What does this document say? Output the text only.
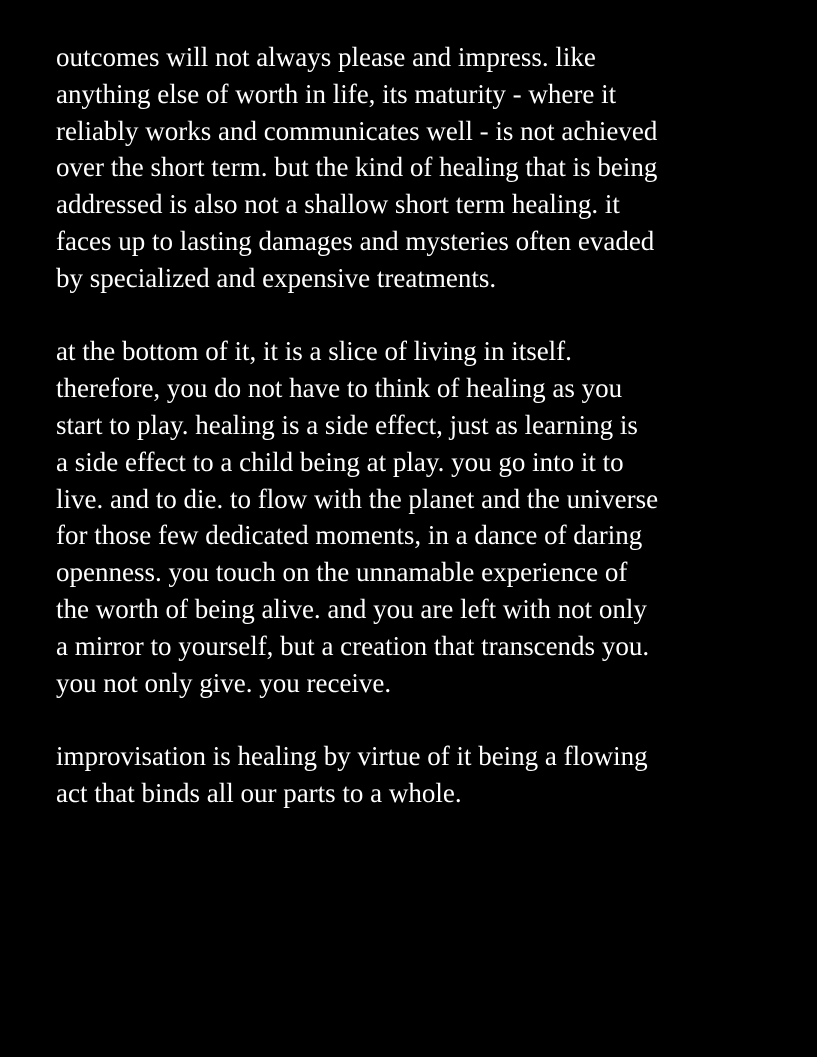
outcomes will not always please and impress. like
anything else of worth in life, its maturity - where it
reliably works and communicates well - is not achieved
over the short term. but the kind of healing that is being
addressed is also not a shallow short term healing. it
faces up to lasting damages and mysteries often evaded
by specialized and expensive treatments.

at the bottom of it, it is a slice of living in itself.
therefore, you do not have to think of healing as you
start to play. healing is a side effect, just as learning is
a side effect to a child being at play. you go into it to
live. and to die. to flow with the planet and the universe
for those few dedicated moments, in a dance of daring
openness. you touch on the unnamable experience of
the worth of being alive. and you are left with not only
a mirror to yourself, but a creation that transcends you.
you not only give. you receive.

improvisation is healing by virtue of it being a flowing
act that binds all our parts to a whole.
